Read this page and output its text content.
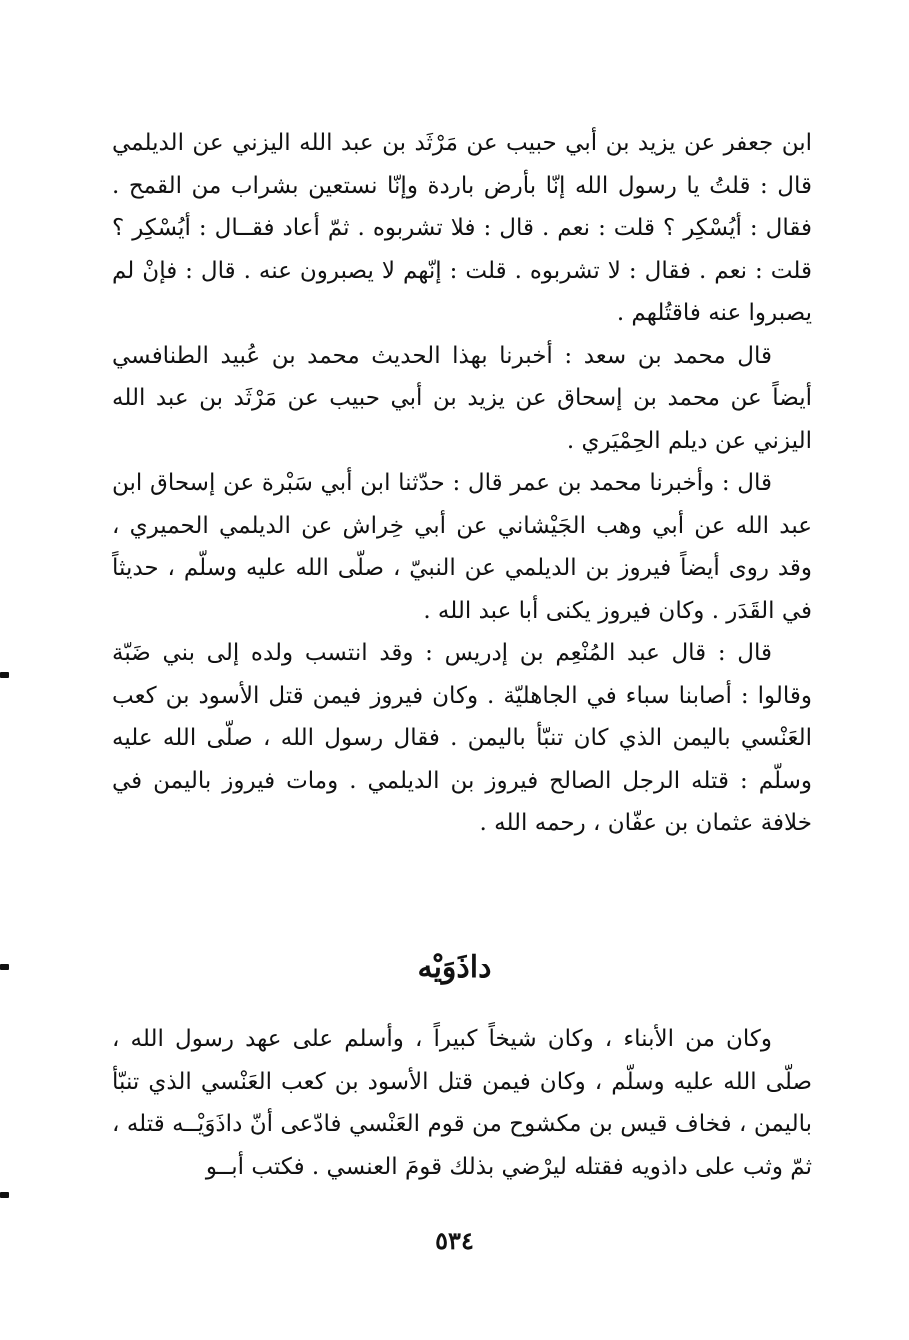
ابن جعفر عن يزيد بن أبي حبيب عن مَرْثَد بن عبد الله اليزني عن الديلمي قال : قلتُ يا رسول الله إنّا بأرض باردة وإنّا نستعين بشراب من القمح . فقال : أيُسْكِر ؟ قلت : نعم . قال : فلا تشربوه . ثمّ أعاد فقــال : أيُسْكِر ؟ قلت : نعم . فقال : لا تشربوه . قلت : إنّهم لا يصبرون عنه . قال : فإنْ لم يصبروا عنه فاقتُلهم .

قال محمد بن سعد : أخبرنا بهذا الحديث محمد بن عُبيد الطنافسي أيضاً عن محمد بن إسحاق عن يزيد بن أبي حبيب عن مَرْثَد بن عبد الله اليزني عن ديلم الحِمْيَري .

قال : وأخبرنا محمد بن عمر قال : حدّثنا ابن أبي سَبْرة عن إسحاق ابن عبد الله عن أبي وهب الجَيْشاني عن أبي خِراش عن الديلمي الحميري ، وقد روى أيضاً فيروز بن الديلمي عن النبيّ ، صلّى الله عليه وسلّم ، حديثاً في القَدَر . وكان فيروز يكنى أبا عبد الله .

قال : قال عبد المُنْعِم بن إدريس : وقد انتسب ولده إلى بني ضَبّة وقالوا : أصابنا سباء في الجاهليّة . وكان فيروز فيمن قتل الأسود بن كعب العَنْسي باليمن الذي كان تنبّأ باليمن . فقال رسول الله ، صلّى الله عليه وسلّم : قتله الرجل الصالح فيروز بن الديلمي . ومات فيروز باليمن في خلافة عثمان بن عفّان ، رحمه الله .

داذَوَيْه

وكان من الأبناء ، وكان شيخاً كبيراً ، وأسلم على عهد رسول الله ، صلّى الله عليه وسلّم ، وكان فيمن قتل الأسود بن كعب العَنْسي الذي تنبّأ باليمن ، فخاف قيس بن مكشوح من قوم العَنْسي فادّعى أنّ داذَوَيْــه قتله ، ثمّ وثب على داذويه فقتله ليرْضي بذلك قومَ العنسي . فكتب أبــو

٥٣٤
